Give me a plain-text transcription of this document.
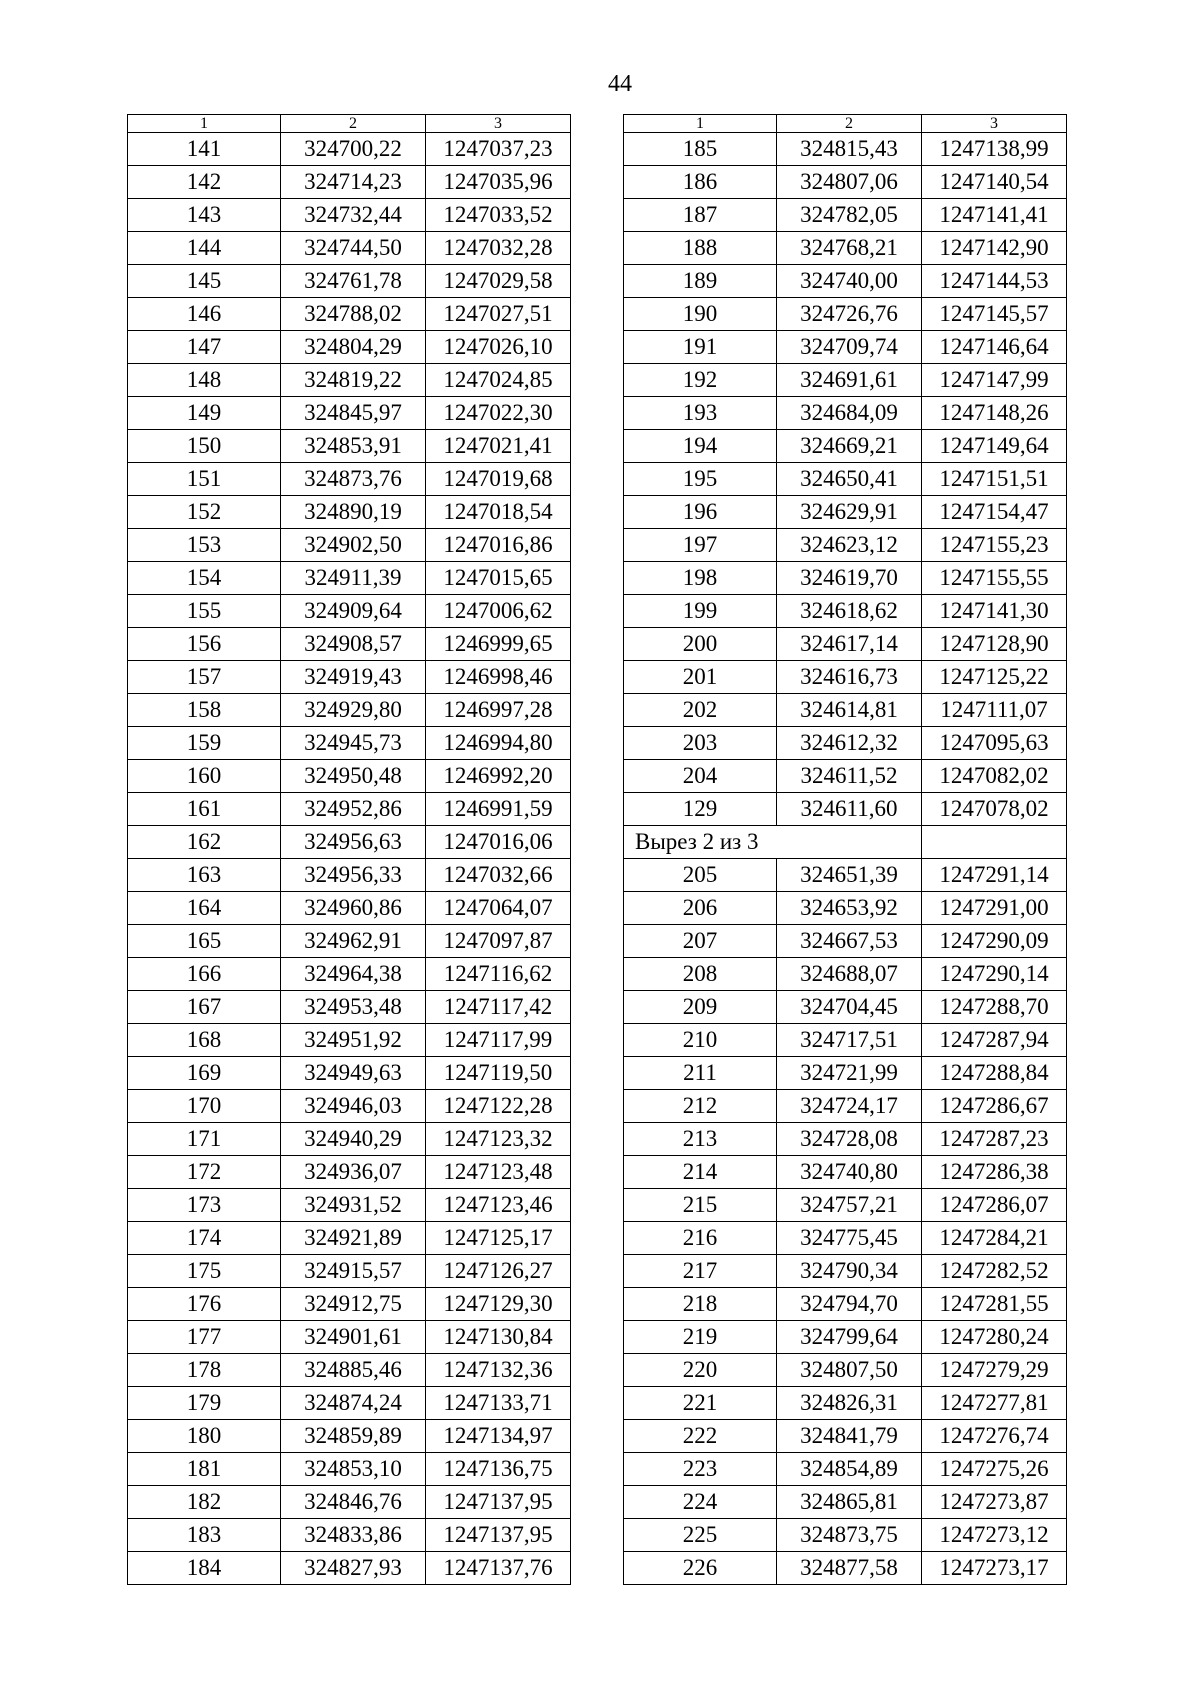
44
1	2	3
141	324700,22	1247037,23
142	324714,23	1247035,96
143	324732,44	1247033,52
144	324744,50	1247032,28
145	324761,78	1247029,58
146	324788,02	1247027,51
147	324804,29	1247026,10
148	324819,22	1247024,85
149	324845,97	1247022,30
150	324853,91	1247021,41
151	324873,76	1247019,68
152	324890,19	1247018,54
153	324902,50	1247016,86
154	324911,39	1247015,65
155	324909,64	1247006,62
156	324908,57	1246999,65
157	324919,43	1246998,46
158	324929,80	1246997,28
159	324945,73	1246994,80
160	324950,48	1246992,20
161	324952,86	1246991,59
162	324956,63	1247016,06
163	324956,33	1247032,66
164	324960,86	1247064,07
165	324962,91	1247097,87
166	324964,38	1247116,62
167	324953,48	1247117,42
168	324951,92	1247117,99
169	324949,63	1247119,50
170	324946,03	1247122,28
171	324940,29	1247123,32
172	324936,07	1247123,48
173	324931,52	1247123,46
174	324921,89	1247125,17
175	324915,57	1247126,27
176	324912,75	1247129,30
177	324901,61	1247130,84
178	324885,46	1247132,36
179	324874,24	1247133,71
180	324859,89	1247134,97
181	324853,10	1247136,75
182	324846,76	1247137,95
183	324833,86	1247137,95
184	324827,93	1247137,76
1	2	3
185	324815,43	1247138,99
186	324807,06	1247140,54
187	324782,05	1247141,41
188	324768,21	1247142,90
189	324740,00	1247144,53
190	324726,76	1247145,57
191	324709,74	1247146,64
192	324691,61	1247147,99
193	324684,09	1247148,26
194	324669,21	1247149,64
195	324650,41	1247151,51
196	324629,91	1247154,47
197	324623,12	1247155,23
198	324619,70	1247155,55
199	324618,62	1247141,30
200	324617,14	1247128,90
201	324616,73	1247125,22
202	324614,81	1247111,07
203	324612,32	1247095,63
204	324611,52	1247082,02
129	324611,60	1247078,02
Вырез 2 из 3		
205	324651,39	1247291,14
206	324653,92	1247291,00
207	324667,53	1247290,09
208	324688,07	1247290,14
209	324704,45	1247288,70
210	324717,51	1247287,94
211	324721,99	1247288,84
212	324724,17	1247286,67
213	324728,08	1247287,23
214	324740,80	1247286,38
215	324757,21	1247286,07
216	324775,45	1247284,21
217	324790,34	1247282,52
218	324794,70	1247281,55
219	324799,64	1247280,24
220	324807,50	1247279,29
221	324826,31	1247277,81
222	324841,79	1247276,74
223	324854,89	1247275,26
224	324865,81	1247273,87
225	324873,75	1247273,12
226	324877,58	1247273,17
